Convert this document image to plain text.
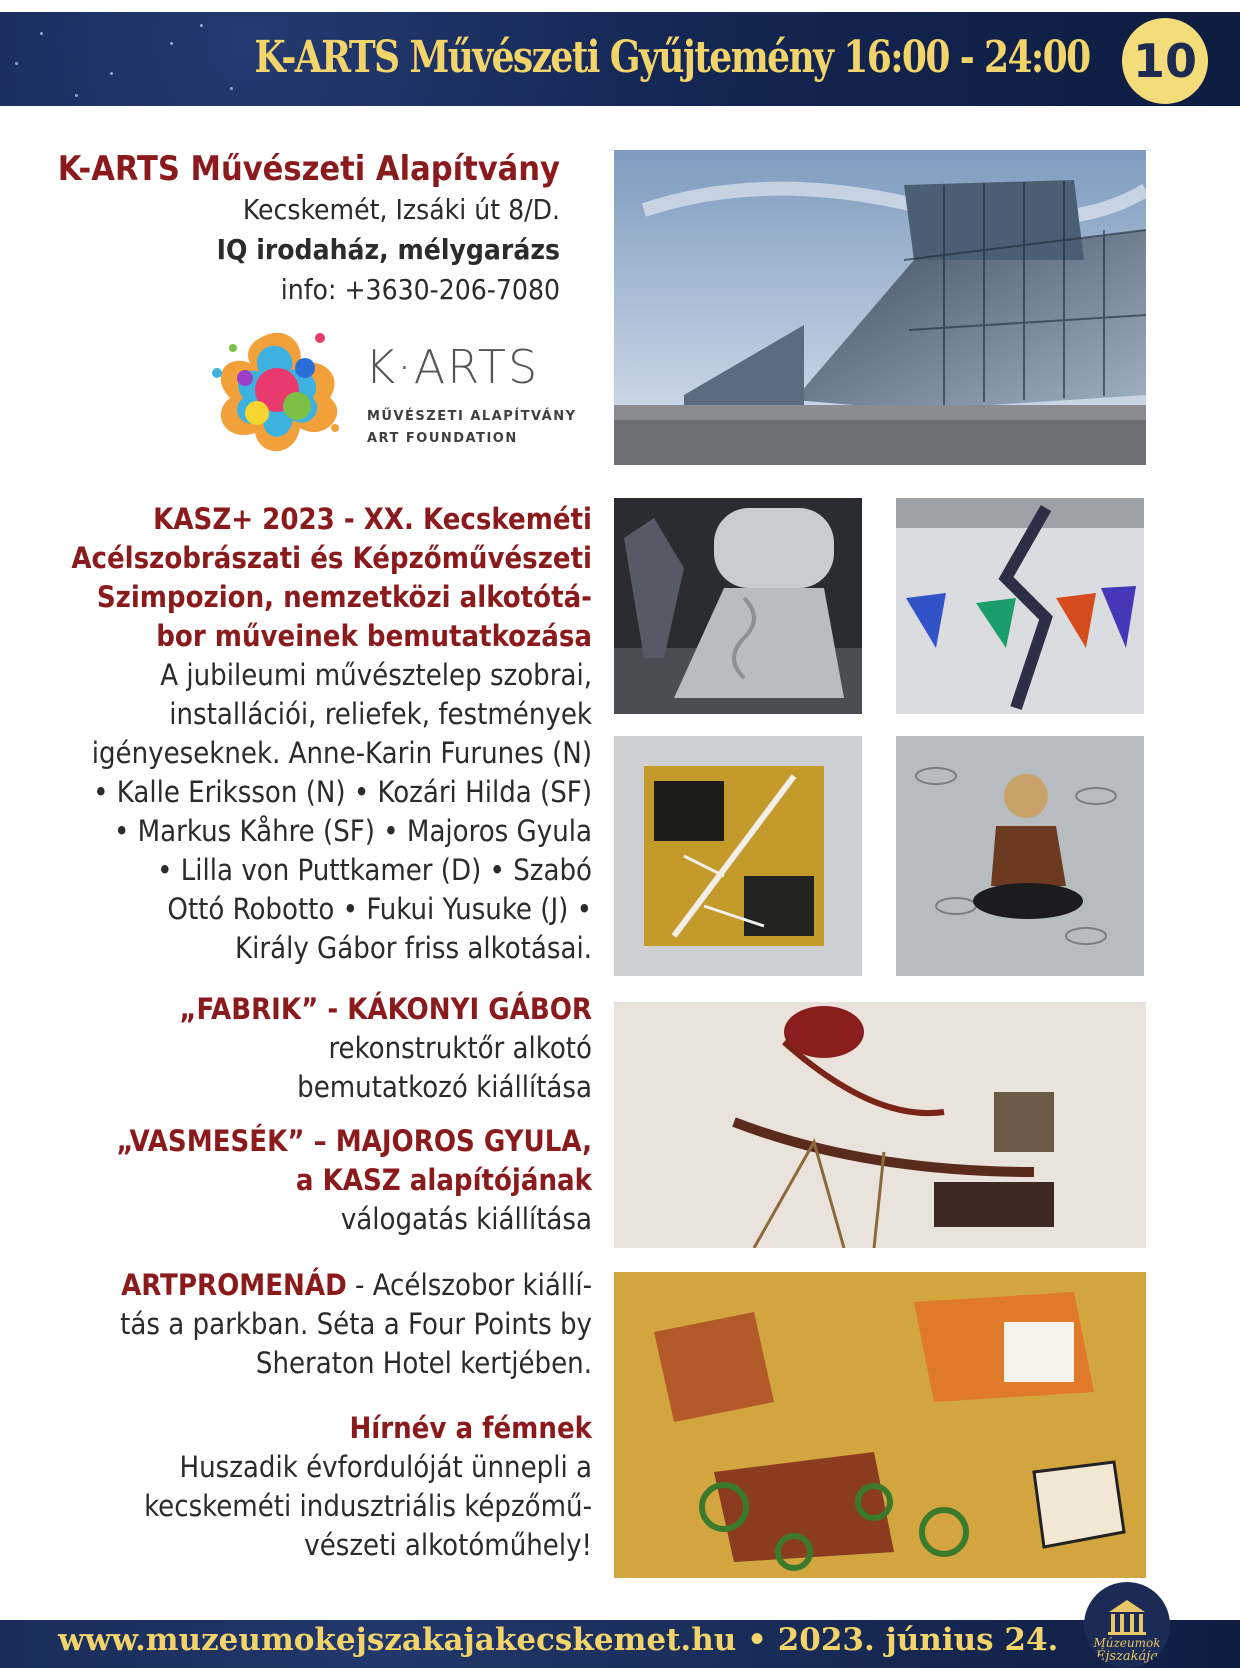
K-ARTS Művészeti Gyűjtemény 16:00 - 24:00 10
K-ARTS Művészeti Alapítvány
Kecskemét, Izsáki út 8/D.
IQ irodaház, mélygarázs
info: +3630-206-7080
K·ARTS
MŰVÉSZETI ALAPÍTVÁNY
ART FOUNDATION
KASZ+ 2023 - XX. Kecskeméti
Acélszobrászati és Képzőművészeti
Szimpozion, nemzetközi alkotótá-
bor műveinek bemutatkozása
A jubileumi művésztelep szobrai,
installációi, reliefek, festmények
igényeseknek. Anne-Karin Furunes (N)
• Kalle Eriksson (N) • Kozári Hilda (SF)
• Markus Kåhre (SF) • Majoros Gyula
• Lilla von Puttkamer (D) • Szabó
Ottó Robotto • Fukui Yusuke (J) •
Király Gábor friss alkotásai.
„FABRIK” - KÁKONYI GÁBOR
rekonstruktőr alkotó
bemutatkozó kiállítása
„VASMESÉK” – MAJOROS GYULA,
a KASZ alapítójának
válogatás kiállítása
ARTPROMENÁD - Acélszobor kiállí-
tás a parkban. Séta a Four Points by
Sheraton Hotel kertjében.
Hírnév a fémnek
Huszadik évfordulóját ünnepli a
kecskeméti indusztriális képzőmű-
vészeti alkotóműhely!
www.muzeumokejszakajakecskemet.hu • 2023. június 24.	Múzeumok
Éjszakája
